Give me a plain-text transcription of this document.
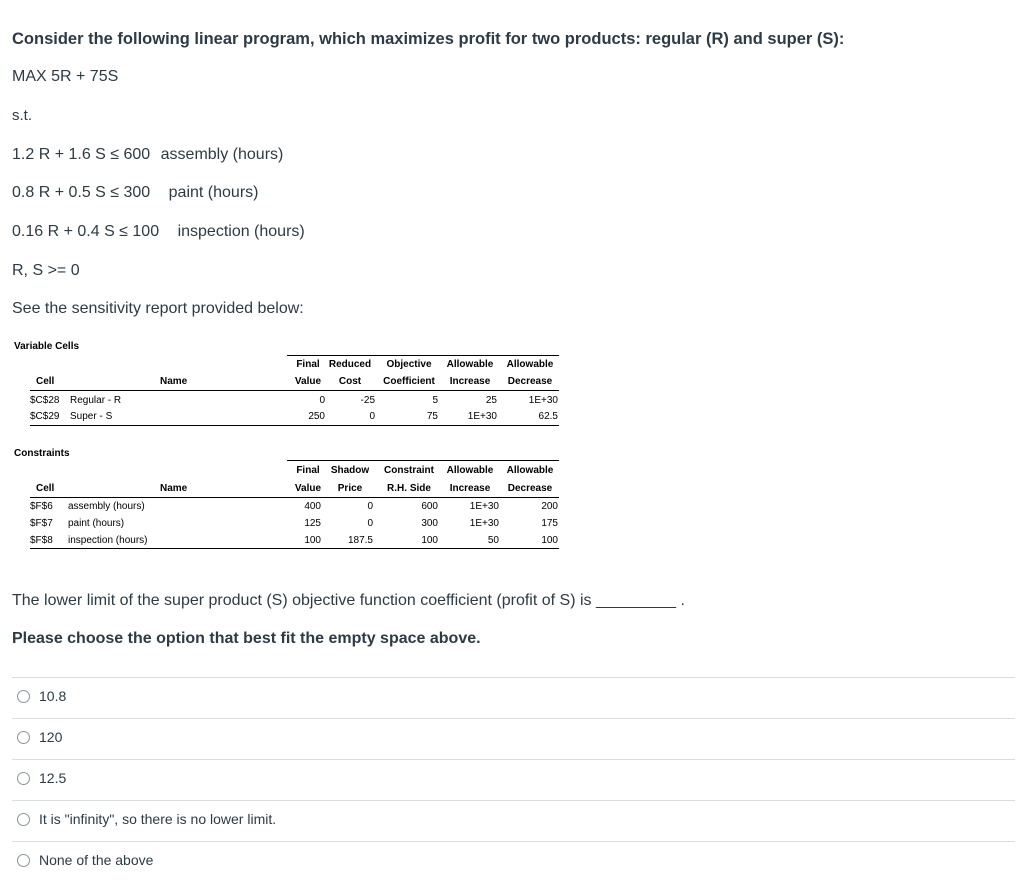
Consider the following linear program, which maximizes profit for two products: regular (R) and super (S):
MAX 5R + 75S
s.t.
1.2 R + 1.6 S ≤ 600 assembly (hours)
0.8 R + 0.5 S ≤ 300 paint (hours)
0.16 R + 0.4 S ≤ 100 inspection (hours)
R, S >= 0
See the sensitivity report provided below:
Variable Cells
Final Reduced	Objective	Allowable	Allowable
Cell	Name	Value	Cost	Coefficient	Increase	Decrease
$C$28 Regular - R	0	-25	5	25	1E+30
$C$29 Super - S	250	0	75	1E+30	62.5
Constraints
Final	Shadow	Constraint	Allowable	Allowable
Cell	Name	Value	Price	R.H. Side	Increase	Decrease
$F$6 assembly (hours)	400	0	600	1E+30	200
$F$7 paint (hours)	125	0	300	1E+30	175
$F$8 inspection (hours)	100	187.5	100	50	100
The lower limit of the super product (S) objective function coefficient (profit of S) is _________ .
Please choose the option that best fit the empty space above.
10.8
120
12.5
It is "infinity", so there is no lower limit.
None of the above
